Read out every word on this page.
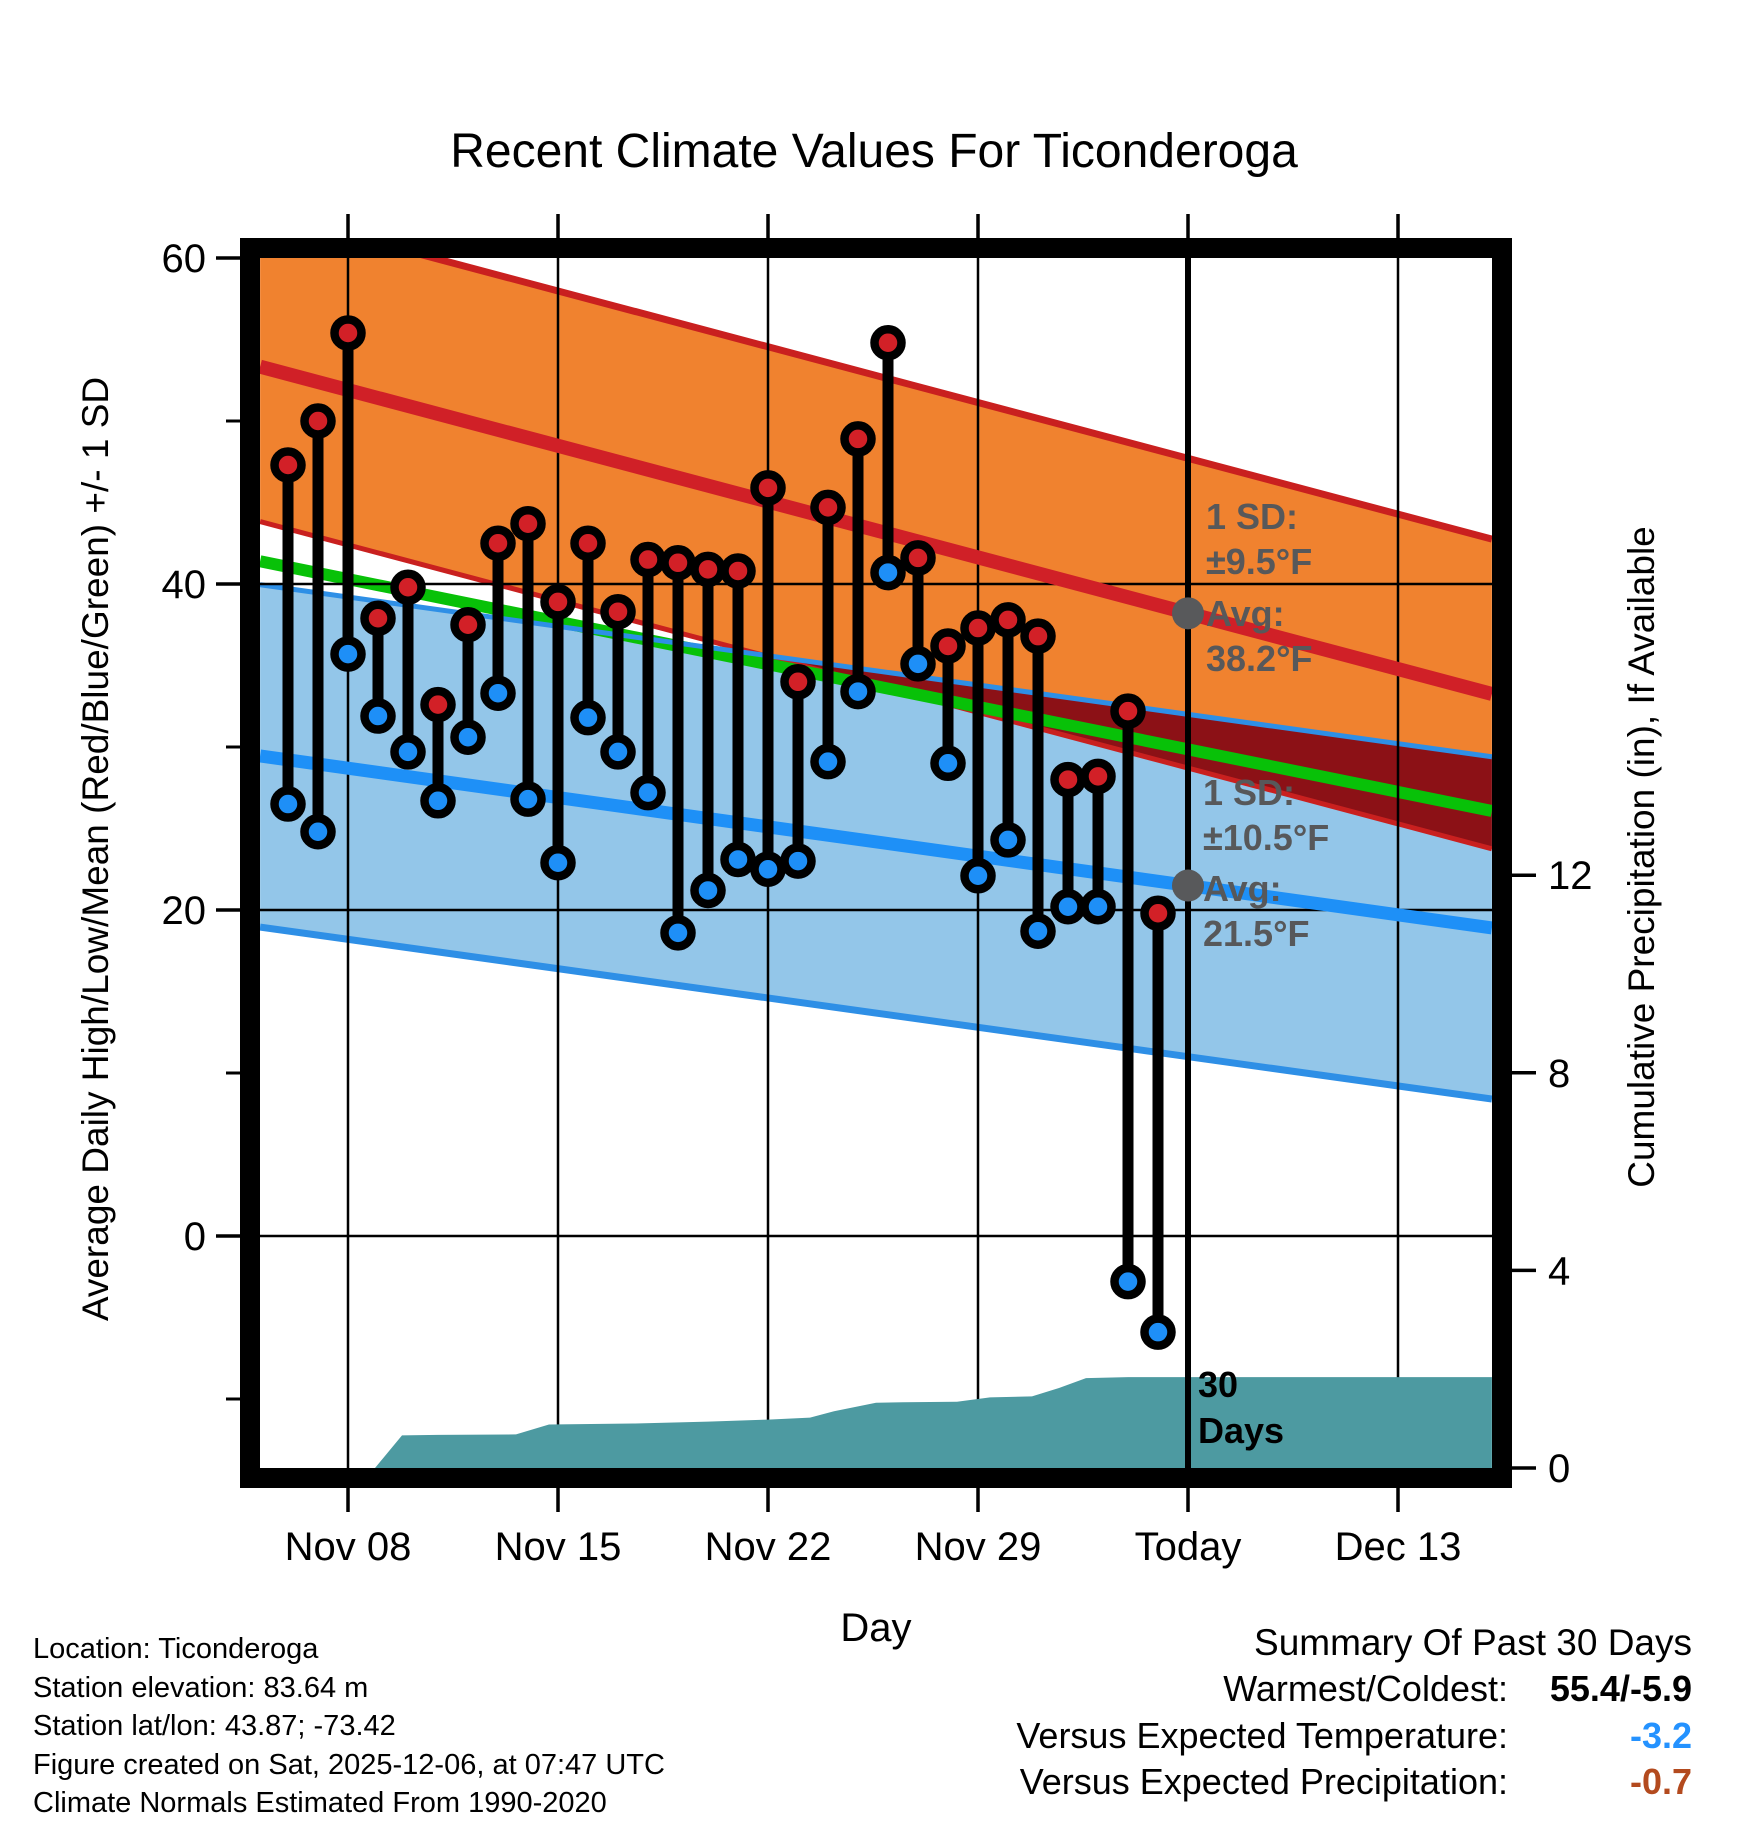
60
40
20
0
12
8
4
0
Nov 08 Nov 15 Nov 22 Nov 29 Today Dec 13
Recent Climate Values For Ticonderoga
Average Daily High/Low/Mean (Red/Blue/Green) +/- 1 SD	Cumulative Precipitation (in), If Available
Day
1 SD:
±9.5°F
Avg:
38.2°F
1 SD:
±10.5°F
Avg:
21.5°F
30
Days
Location: Ticonderoga
Station elevation: 83.64 m
Station lat/lon: 43.87; -73.42
Figure created on Sat, 2025-12-06, at 07:47 UTC
Climate Normals Estimated From 1990-2020
Summary Of Past 30 Days
Warmest/Coldest:	55.4/-5.9
Versus Expected Temperature:	-3.2
Versus Expected Precipitation:	-0.7
